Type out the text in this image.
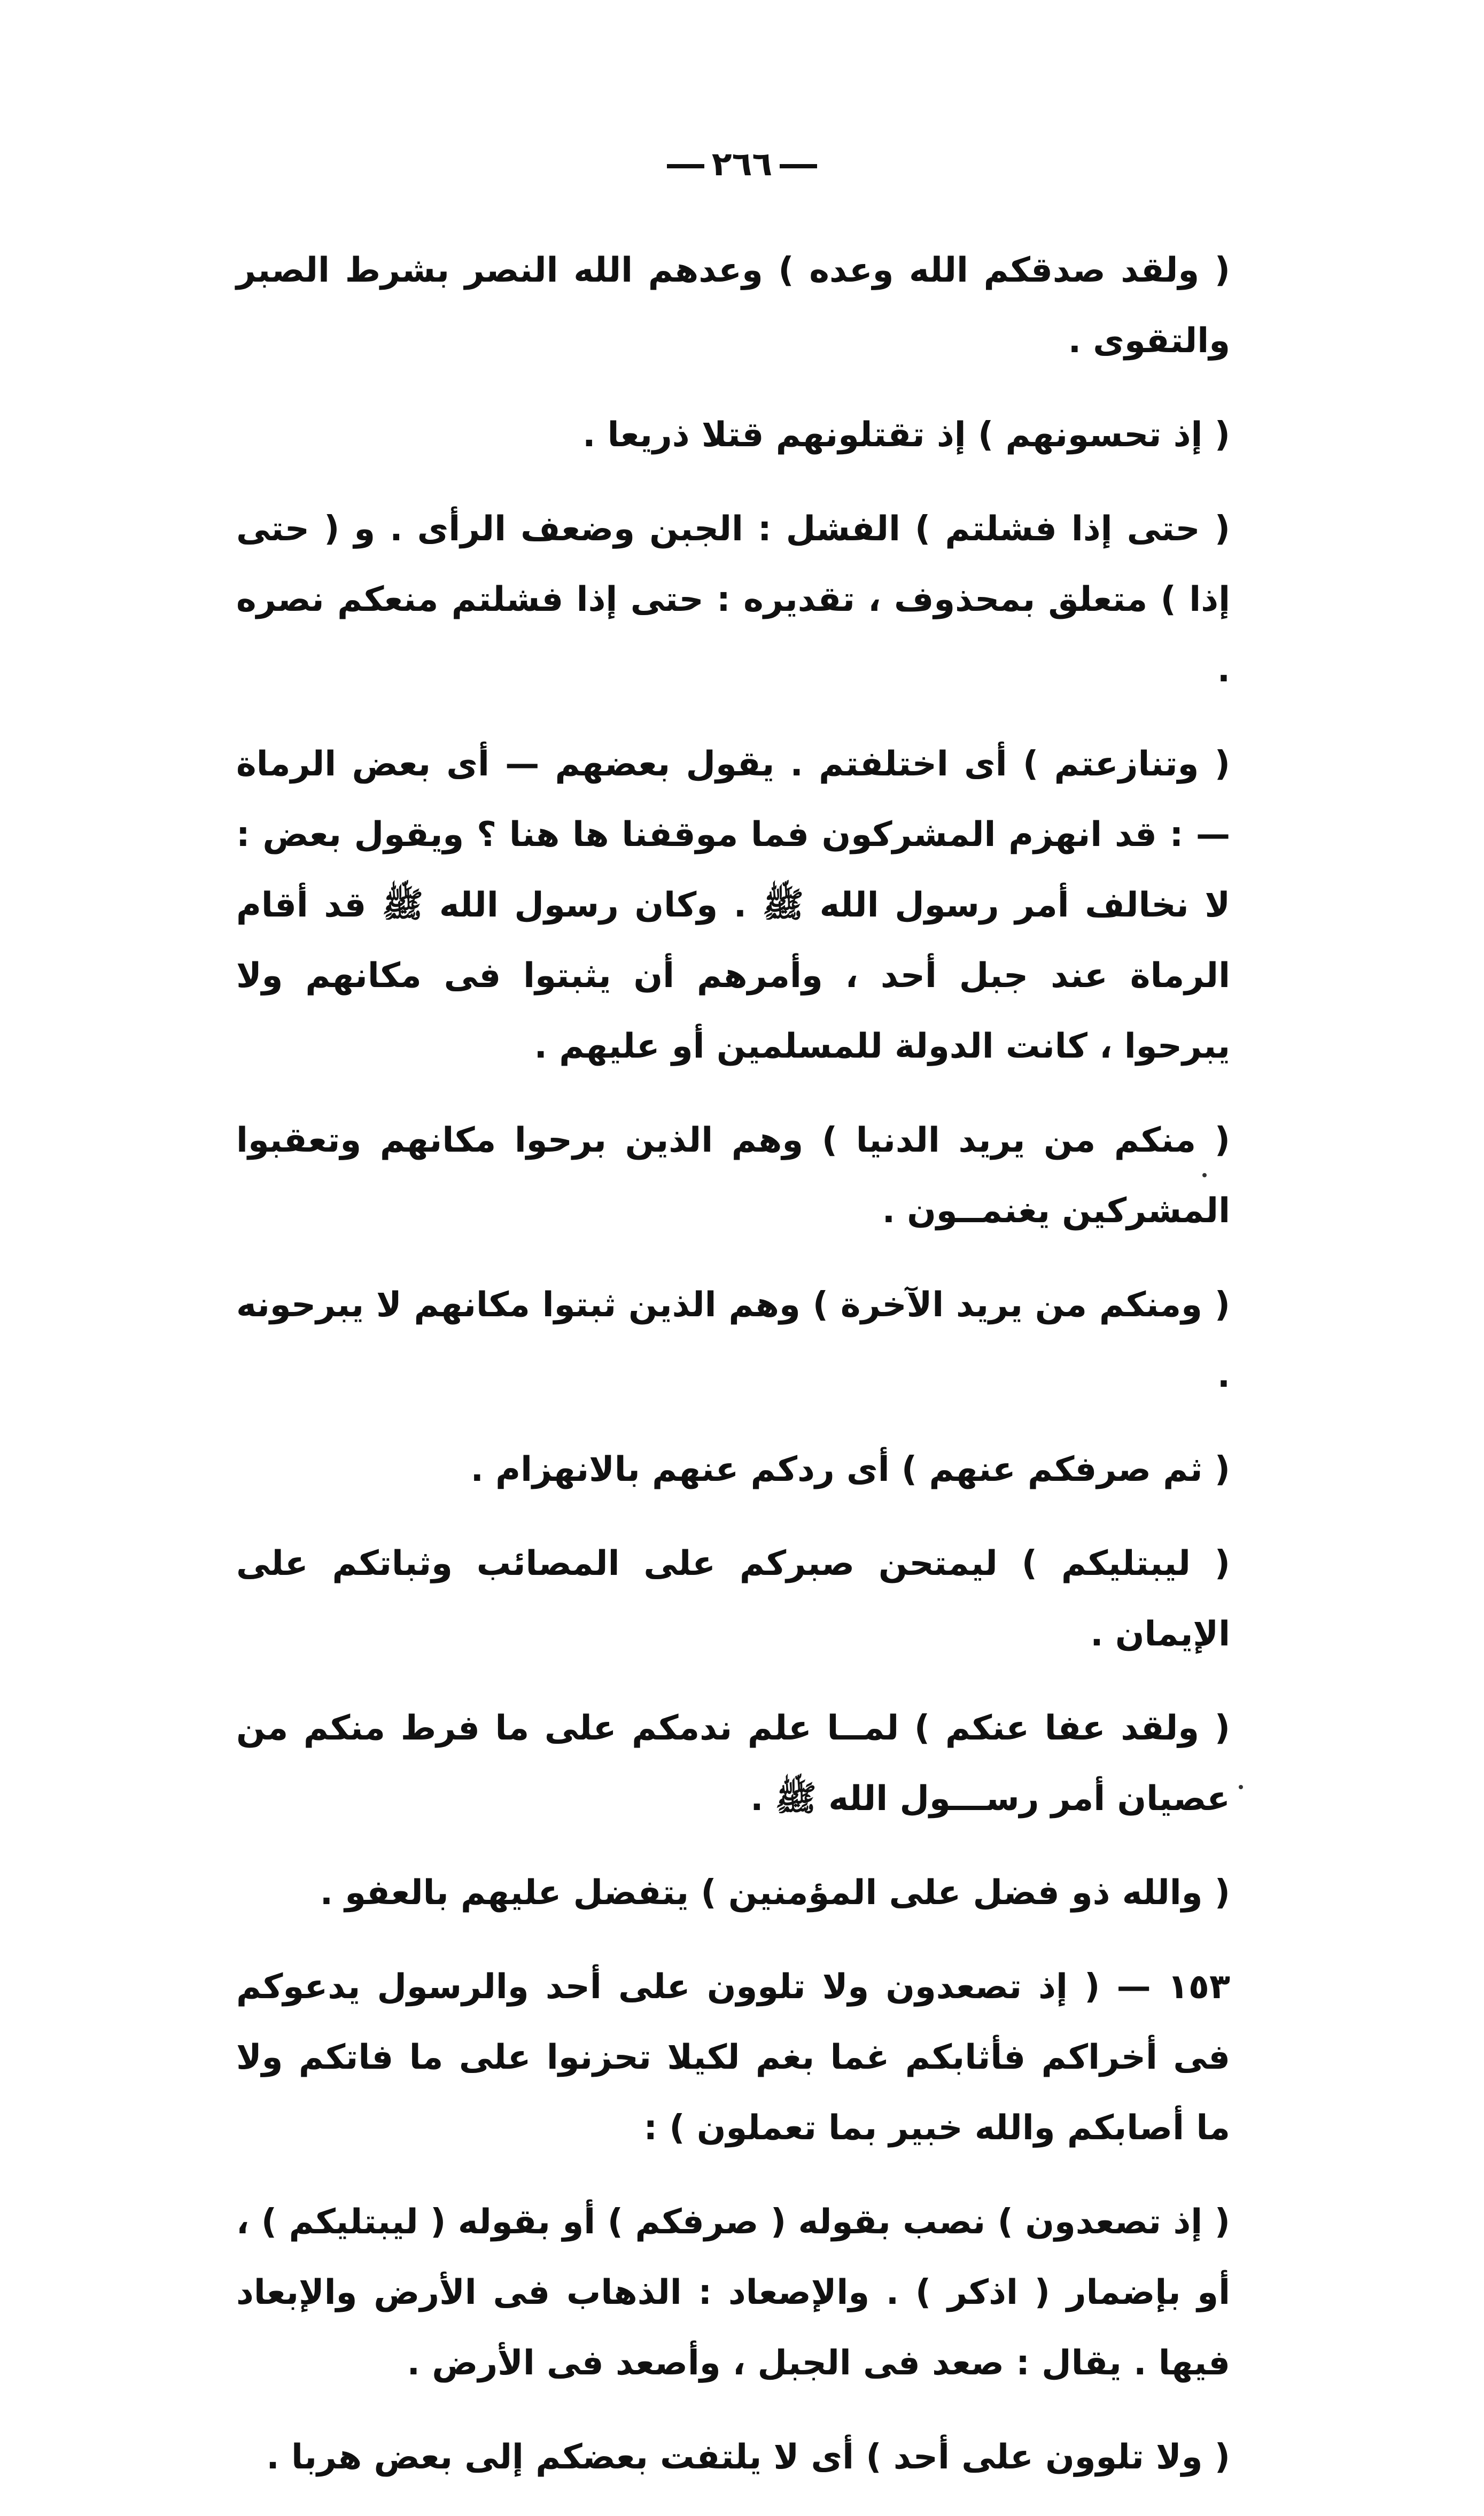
٢٦٦

( ولقد صدقكم الله وعده ) وعدهم الله النصر بشرط الصبر والتقوى .

( إذ تحسونهم ) إذ تقتلونهم قتلا ذريعا .

( حتى إذا فشلتم ) الفشل : الجبن وضعف الرأى . و ( حتى إذا ) متعلق بمحذوف ، تقديره : حتى إذا فشلتم منعكم نصره .

( وتنازعتم ) أى اختلفتم . يقول بعضهم — أى بعض الرماة — : قد انهزم المشركون فما موقفنا ها هنا ؟ ويقول بعض : لا نخالف أمر رسول الله ﷺ . وكان رسول الله ﷺ قد أقام الرماة عند جبل أحد ، وأمرهم أن يثبتوا فى مكانهم ولا يبرحوا ، كانت الدولة للمسلمين أو عليهم .

( منكم من يريد الدنيا ) وهم الذين برحوا مكانهم وتعقبوا المشركين يغنمــون .

( ومنكم من يريد الآخرة ) وهم الذين ثبتوا مكانهم لا يبرحونه .

( ثم صرفكم عنهم ) أى ردكم عنهم بالانهزام .

( ليبتليكم ) ليمتحن صبركم على المصائب وثباتكم على الإيمان .

( ولقد عفا عنكم ) لمــا علم ندمكم على ما فرط منكم من عصيان أمر رســـول الله ﷺ .

( والله ذو فضل على المؤمنين ) يتفضل عليهم بالعفو .

١٥٣ — ( إذ تصعدون ولا تلوون على أحد والرسول يدعوكم فى أخراكم فأثابكم غما بغم لكيلا تحزنوا على ما فاتكم ولا ما أصابكم والله خبير بما تعملون ) :

( إذ تصعدون ) نصب بقوله ( صرفكم ) أو بقوله ( ليبتليكم ) ، أو بإضمار ( اذكر ) . والإصعاد : الذهاب فى الأرض والإبعاد فيها . يقال : صعد فى الجبل ، وأصعد فى الأرض .

( ولا تلوون على أحد ) أى لا يلتفت بعضكم إلى بعض هربا .
